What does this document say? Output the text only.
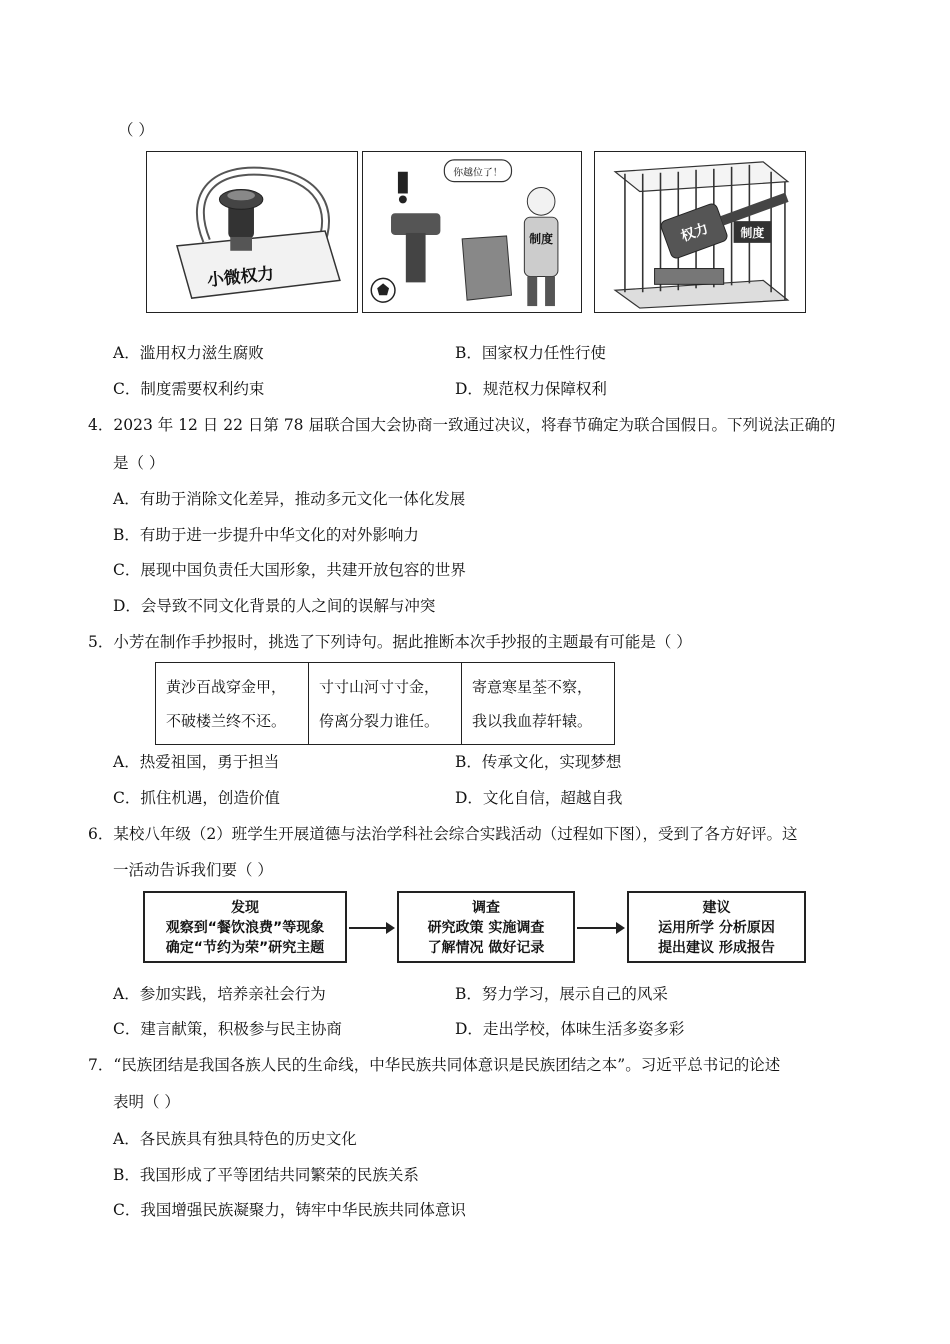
（ ）
小微权力
你越位了！
制度	权力	制度
A．滥用权力滋生腐败	B．国家权力任性行使
C．制度需要权利约束	D．规范权力保障权利
4．2023 年 12 日 22 日第 78 届联合国大会协商一致通过决议，将春节确定为联合国假日。下列说法正确的
是（ ）
A．有助于消除文化差异，推动多元文化一体化发展
B．有助于进一步提升中华文化的对外影响力
C．展现中国负责任大国形象，共建开放包容的世界
D．会导致不同文化背景的人之间的误解与冲突
5．小芳在制作手抄报时，挑选了下列诗句。据此推断本次手抄报的主题最有可能是（ ）
黄沙百战穿金甲，
不破楼兰终不还。

寸寸山河寸寸金，
侉离分裂力谁任。

寄意寒星荃不察，
我以我血荐轩辕。
A．热爱祖国，勇于担当	B．传承文化，实现梦想
C．抓住机遇，创造价值	D．文化自信，超越自我
6．某校八年级（2）班学生开展道德与法治学科社会综合实践活动（过程如下图），受到了各方好评。这
一活动告诉我们要（ ）
发现
观察到“餐饮浪费”等现象
确定“节约为荣”研究主题
调查
研究政策 实施调查
了解情况 做好记录
建议
运用所学 分析原因
提出建议 形成报告
A．参加实践，培养亲社会行为	B．努力学习，展示自己的风采
C．建言献策，积极参与民主协商	D．走出学校，体味生活多姿多彩
7．“民族团结是我国各族人民的生命线，中华民族共同体意识是民族团结之本”。习近平总书记的论述
表明（ ）
A．各民族具有独具特色的历史文化
B．我国形成了平等团结共同繁荣的民族关系
C．我国增强民族凝聚力，铸牢中华民族共同体意识
